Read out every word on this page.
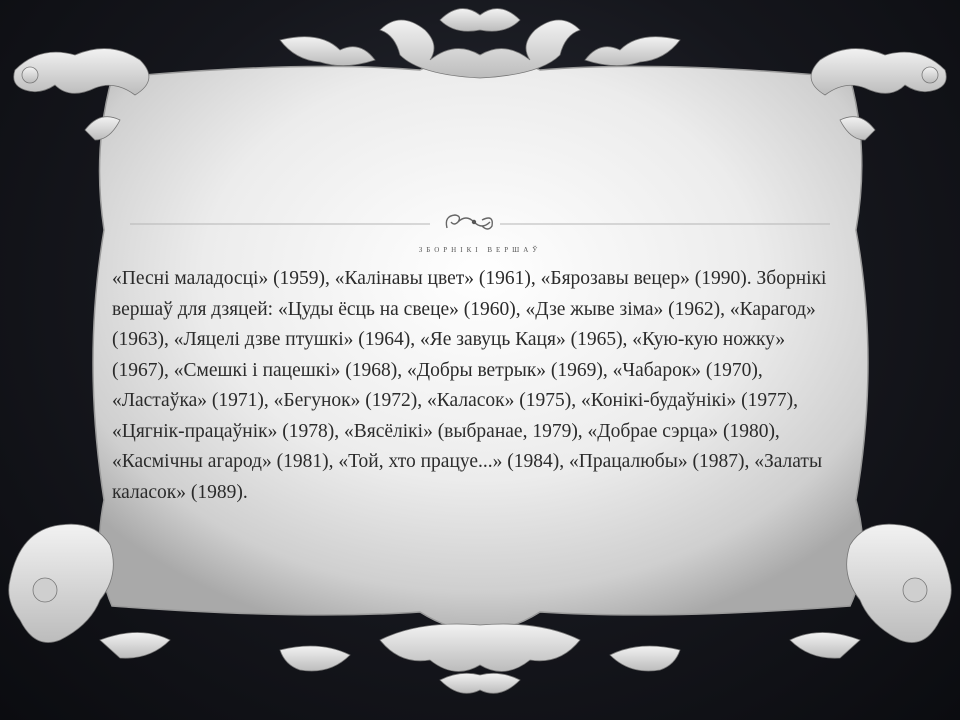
ЗБОРНІКІ ВЕРШАЎ
«Песні маладосці» (1959), «Калінавы цвет» (1961), «Бярозавы вецер» (1990). Зборнікі вершаў для дзяцей: «Цуды ёсць на свеце» (1960), «Дзе жыве зіма» (1962), «Карагод» (1963), «Ляцелі дзве птушкі» (1964), «Яе завуць Каця» (1965), «Кую-кую ножку» (1967), «Смешкі і пацешкі» (1968), «Добры ветрык» (1969), «Чабарок» (1970), «Ластаўка» (1971), «Бегунок» (1972), «Каласок» (1975), «Конікі-будаўнікі» (1977), «Цягнік-працаўнік» (1978), «Вясёлікі» (выбранае, 1979), «Добрае сэрца» (1980), «Касмічны агарод» (1981), «Той, хто працуе...» (1984), «Працалюбы» (1987), «Залаты каласок» (1989).
